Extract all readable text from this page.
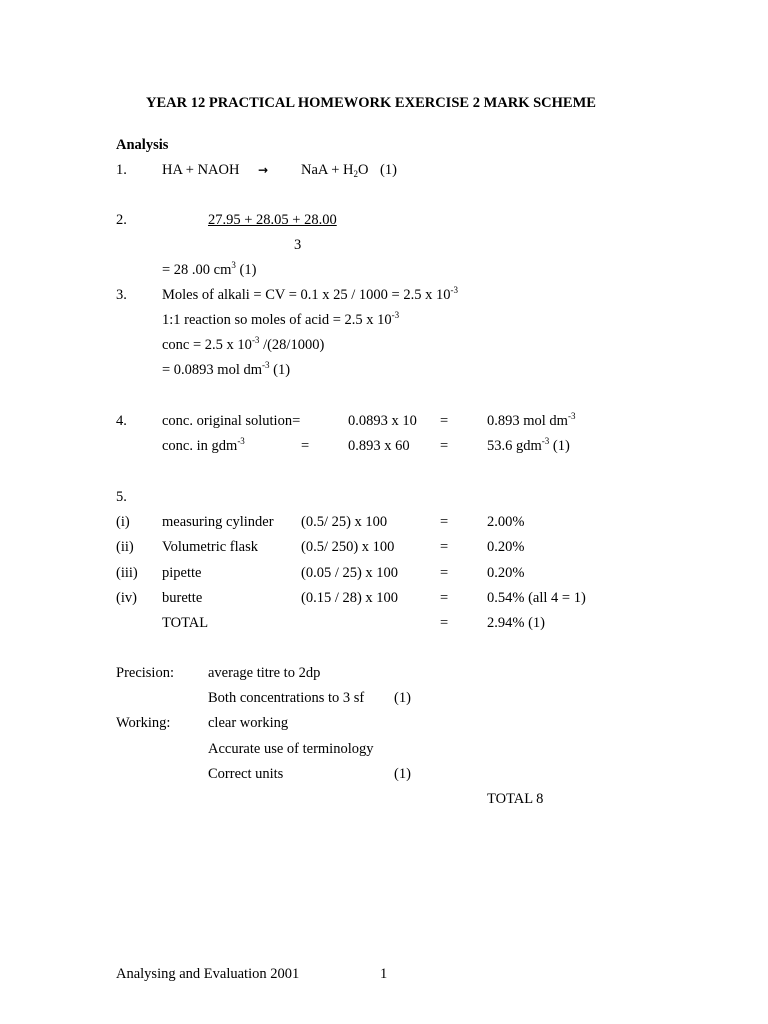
YEAR 12 PRACTICAL HOMEWORK EXERCISE 2 MARK SCHEME
Analysis
1. HA + NAOH → NaA + $H_2O$ (1)
2.	27.95 + 28.05 + 28.00
3
= 28 .00 $cm^3$ (1)
3. Moles of alkali = CV = 0.1 x 25 / 1000 = 2.5 x $10^{-3}$
1:1 reaction so moles of acid = 2.5 x $10^{-3}$
conc = 2.5 x $10^{-3}$ /(28/1000)
= 0.0893 mol $dm^{-3}$ (1)
4. conc. original solution=	0.0893 x 10 =	0.893 mol $dm^{-3}$
conc. in gdm$^{-3}$	=	0.893 x 60 =	53.6 gdm$^{-3}$ (1)
5.
(i) measuring cylinder (0.5/ 25) x 100	=	2.00%
(ii) Volumetric flask	(0.5/ 250) x 100	=	0.20%
(iii) pipette	(0.05 / 25) x 100	=	0.20%
(iv) burette	(0.15 / 28) x 100	=	0.54% (all 4 = 1)
TOTAL	=	2.94% (1)
Precision: average titre to 2dp
Both concentrations to 3 sf (1)
Working:	clear working
Accurate use of terminology
Correct units	(1)
TOTAL 8
Analysing and Evaluation 2001	1
